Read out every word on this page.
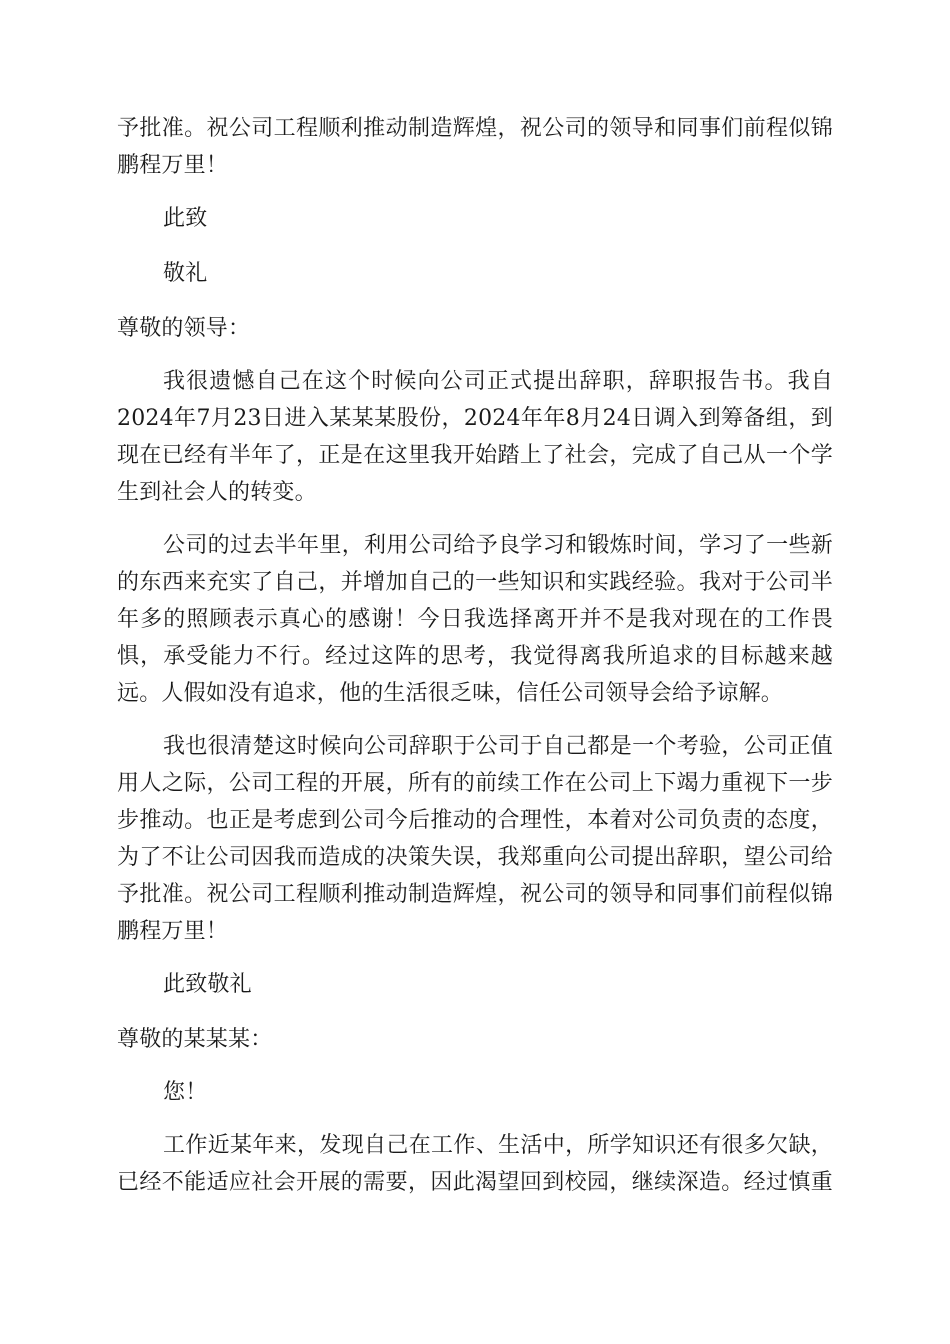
予批准。祝公司工程顺利推动制造辉煌，祝公司的领导和同事们前程似锦
鹏程万里！
此致
敬礼
尊敬的领导：
我很遗憾自己在这个时候向公司正式提出辞职，辞职报告书。我自
2024年7月23日进入某某某股份，2024年年8月24日调入到筹备组，到
现在已经有半年了，正是在这里我开始踏上了社会，完成了自己从一个学
生到社会人的转变。
公司的过去半年里，利用公司给予良学习和锻炼时间，学习了一些新
的东西来充实了自己，并增加自己的一些知识和实践经验。我对于公司半
年多的照顾表示真心的感谢！今日我选择离开并不是我对现在的工作畏
惧，承受能力不行。经过这阵的思考，我觉得离我所追求的目标越来越
远。人假如没有追求，他的生活很乏味，信任公司领导会给予谅解。
我也很清楚这时候向公司辞职于公司于自己都是一个考验，公司正值
用人之际，公司工程的开展，所有的前续工作在公司上下竭力重视下一步
步推动。也正是考虑到公司今后推动的合理性，本着对公司负责的态度，
为了不让公司因我而造成的决策失误，我郑重向公司提出辞职，望公司给
予批准。祝公司工程顺利推动制造辉煌，祝公司的领导和同事们前程似锦
鹏程万里！
此致敬礼
尊敬的某某某：
您！
工作近某年来，发现自己在工作、生活中，所学知识还有很多欠缺，
已经不能适应社会开展的需要，因此渴望回到校园，继续深造。经过慎重
